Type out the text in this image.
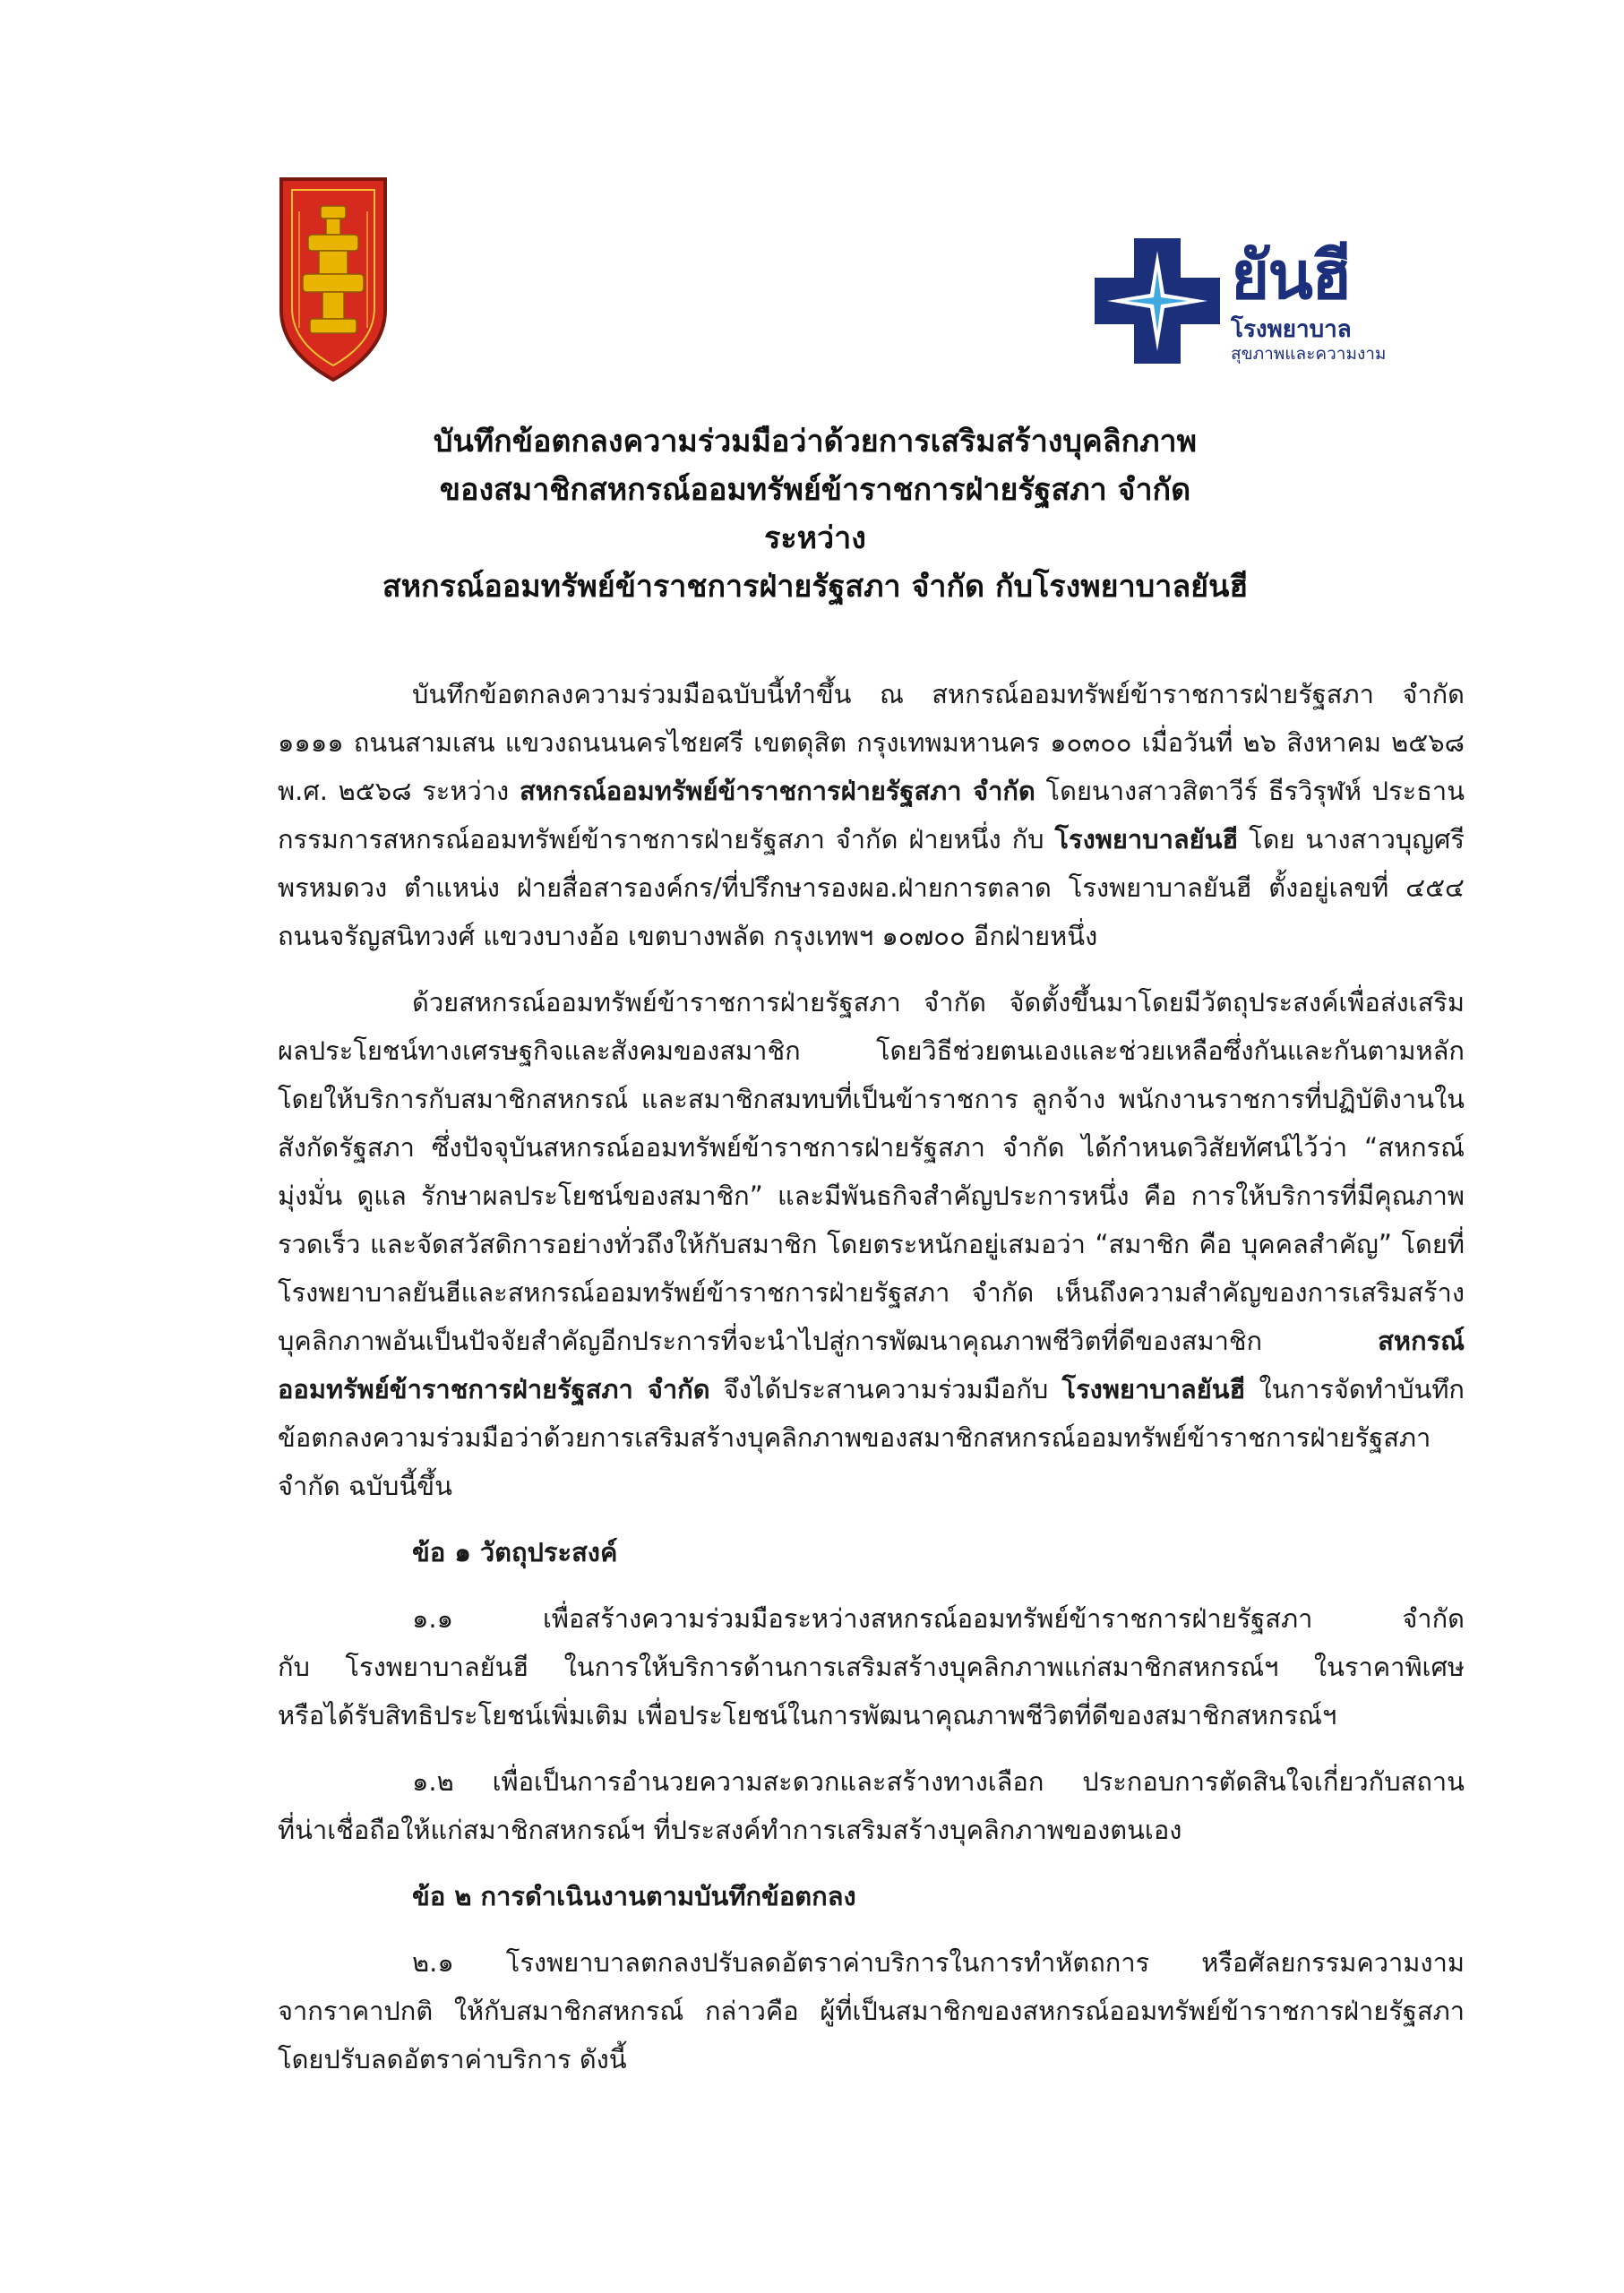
ยันฮี
โรงพยาบาล
สุขภาพและความงาม
บันทึกข้อตกลงความร่วมมือว่าด้วยการเสริมสร้างบุคลิกภาพ
ของสมาชิกสหกรณ์ออมทรัพย์ข้าราชการฝ่ายรัฐสภา จำกัด
ระหว่าง
สหกรณ์ออมทรัพย์ข้าราชการฝ่ายรัฐสภา จำกัด กับโรงพยาบาลยันฮี
บันทึกข้อตกลงความร่วมมือฉบับนี้ทำขึ้น ณ สหกรณ์ออมทรัพย์ข้าราชการฝ่ายรัฐสภา จำกัด
๑๑๑๑ ถนนสามเสน แขวงถนนนครไชยศรี เขตดุสิต กรุงเทพมหานคร ๑๐๓๐๐ เมื่อวันที่ ๒๖ สิงหาคม ๒๕๖๘
พ.ศ. ๒๕๖๘ ระหว่าง สหกรณ์ออมทรัพย์ข้าราชการฝ่ายรัฐสภา จำกัด โดยนางสาวสิตาวีร์ ธีรวิรุฬห์ ประธาน
กรรมการสหกรณ์ออมทรัพย์ข้าราชการฝ่ายรัฐสภา จำกัด ฝ่ายหนึ่ง กับ โรงพยาบาลยันฮี โดย นางสาวบุญศรี
พรหมดวง ตำแหน่ง ฝ่ายสื่อสารองค์กร/ที่ปรึกษารองผอ.ฝ่ายการตลาด โรงพยาบาลยันฮี ตั้งอยู่เลขที่ ๔๕๔
ถนนจรัญสนิทวงศ์ แขวงบางอ้อ เขตบางพลัด กรุงเทพฯ ๑๐๗๐๐ อีกฝ่ายหนึ่ง
ด้วยสหกรณ์ออมทรัพย์ข้าราชการฝ่ายรัฐสภา จำกัด จัดตั้งขึ้นมาโดยมีวัตถุประสงค์เพื่อส่งเสริม
ผลประโยชน์ทางเศรษฐกิจและสังคมของสมาชิก โดยวิธีช่วยตนเองและช่วยเหลือซึ่งกันและกันตามหลัก
โดยให้บริการกับสมาชิกสหกรณ์ และสมาชิกสมทบที่เป็นข้าราชการ ลูกจ้าง พนักงานราชการที่ปฏิบัติงานใน
สังกัดรัฐสภา ซึ่งปัจจุบันสหกรณ์ออมทรัพย์ข้าราชการฝ่ายรัฐสภา จำกัด ได้กำหนดวิสัยทัศน์ไว้ว่า “สหกรณ์
มุ่งมั่น ดูแล รักษาผลประโยชน์ของสมาชิก” และมีพันธกิจสำคัญประการหนึ่ง คือ การให้บริการที่มีคุณภาพ
รวดเร็ว และจัดสวัสดิการอย่างทั่วถึงให้กับสมาชิก โดยตระหนักอยู่เสมอว่า “สมาชิก คือ บุคคลสำคัญ” โดยที่
โรงพยาบาลยันฮีและสหกรณ์ออมทรัพย์ข้าราชการฝ่ายรัฐสภา จำกัด เห็นถึงความสำคัญของการเสริมสร้าง
บุคลิกภาพอันเป็นปัจจัยสำคัญอีกประการที่จะนำไปสู่การพัฒนาคุณภาพชีวิตที่ดีของสมาชิก สหกรณ์
ออมทรัพย์ข้าราชการฝ่ายรัฐสภา จำกัด จึงได้ประสานความร่วมมือกับ โรงพยาบาลยันฮี ในการจัดทำบันทึก
ข้อตกลงความร่วมมือว่าด้วยการเสริมสร้างบุคลิกภาพของสมาชิกสหกรณ์ออมทรัพย์ข้าราชการฝ่ายรัฐสภา
จำกัด ฉบับนี้ขึ้น
ข้อ ๑ วัตถุประสงค์
๑.๑ เพื่อสร้างความร่วมมือระหว่างสหกรณ์ออมทรัพย์ข้าราชการฝ่ายรัฐสภา จำกัด
กับ โรงพยาบาลยันฮี ในการให้บริการด้านการเสริมสร้างบุคลิกภาพแก่สมาชิกสหกรณ์ฯ ในราคาพิเศษ
หรือได้รับสิทธิประโยชน์เพิ่มเติม เพื่อประโยชน์ในการพัฒนาคุณภาพชีวิตที่ดีของสมาชิกสหกรณ์ฯ
๑.๒ เพื่อเป็นการอำนวยความสะดวกและสร้างทางเลือก ประกอบการตัดสินใจเกี่ยวกับสถาน
ที่น่าเชื่อถือให้แก่สมาชิกสหกรณ์ฯ ที่ประสงค์ทำการเสริมสร้างบุคลิกภาพของตนเอง
ข้อ ๒ การดำเนินงานตามบันทึกข้อตกลง
๒.๑ โรงพยาบาลตกลงปรับลดอัตราค่าบริการในการทำหัตถการ หรือศัลยกรรมความงาม
จากราคาปกติ ให้กับสมาชิกสหกรณ์ กล่าวคือ ผู้ที่เป็นสมาชิกของสหกรณ์ออมทรัพย์ข้าราชการฝ่ายรัฐสภา
โดยปรับลดอัตราค่าบริการ ดังนี้
